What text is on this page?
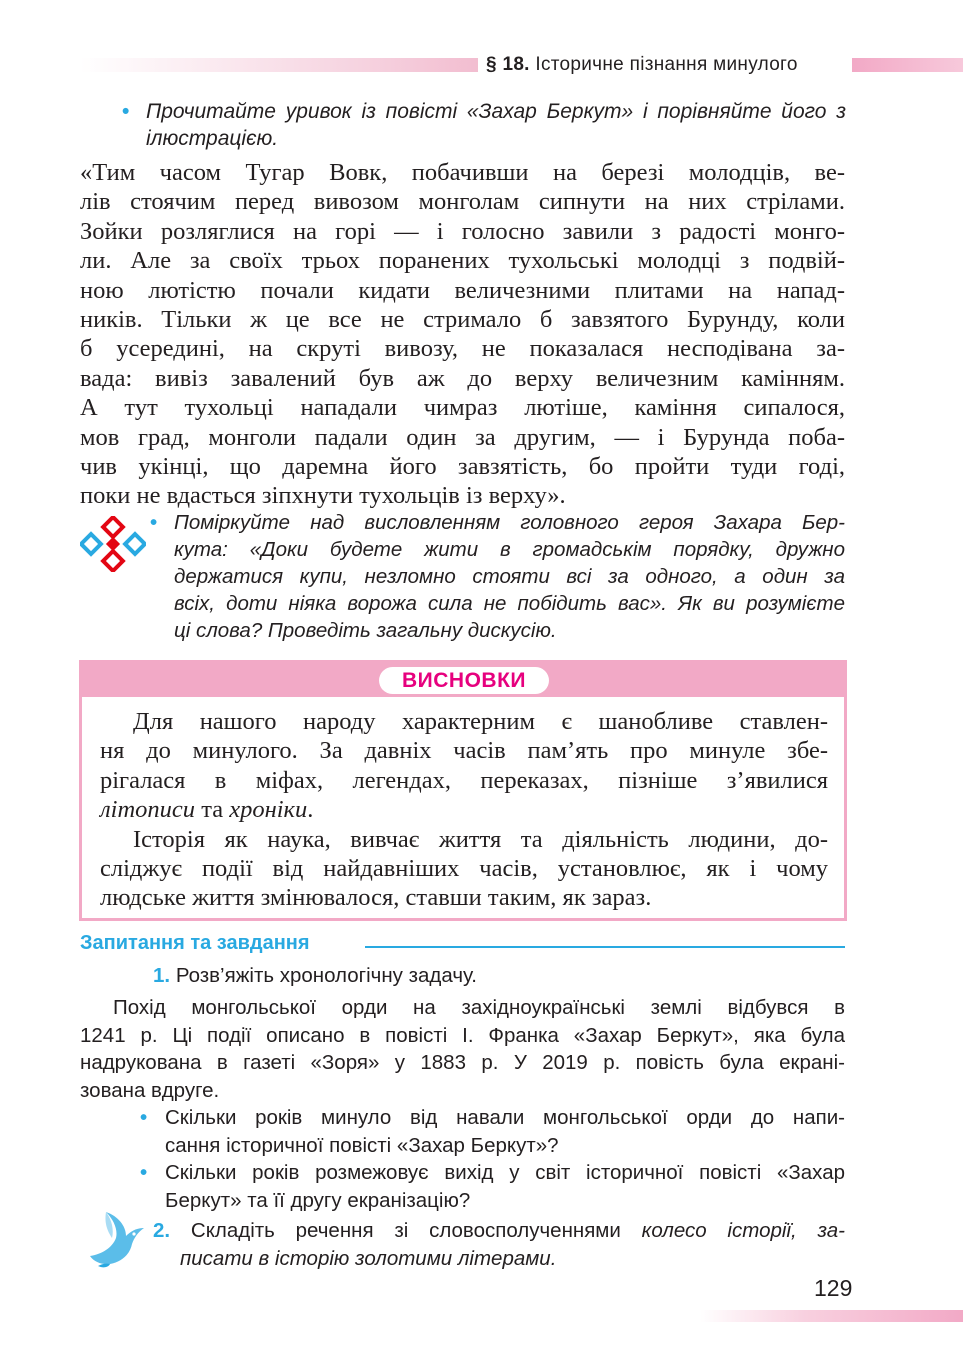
§ 18. Історичне пізнання минулого
• Прочитайте уривок із повісті «Захар Беркут» і порівняйте його з
ілюстрацією.
«Тим часом Тугар Вовк, побачивши на березі молодців, ве-
лів стоячим перед вивозом монголам сипнути на них стрілами.
Зойки розляглися на горі — і голосно завили з радості монго-
ли. Але за своїх трьох поранених тухольські молодці з подвій-
ною лютістю почали кидати величезними плитами на напад-
ників. Тільки ж це все не стримало б завзятого Бурунду, коли
б усередині, на скруті вивозу, не показалася несподівана за-
вада: вивіз завалений був аж до верху величезним камінням.
А тут тухольці нападали чимраз лютіше, каміння сипалося,
мов град, монголи падали один за другим, — і Бурунда поба-
чив укінці, що даремна його завзятість, бо пройти туди годі,
поки не вдасться зіпхнути тухольців із верху».
• Поміркуйте над висловленням головного героя Захара Бер-
кута: «Доки будете жити в громадськім порядку, дружно
держатися купи, незломно стояти всі за одного, а один за
всіх, доти ніяка ворожа сила не побідить вас». Як ви розумієте
ці слова? Проведіть загальну дискусію.
ВИСНОВКИ
Для нашого народу характерним є шанобливе ставлен-
ня до минулого. За давніх часів пам’ять про минуле збе-
рігалася в міфах, легендах, переказах, пізніше з’явилися
літописи та хроніки.
Історія як наука, вивчає життя та діяльність людини, до-
сліджує події від найдавніших часів, установлює, як і чому
людське життя змінювалося, ставши таким, як зараз.
Запитання та завдання
1. Розв’яжіть хронологічну задачу.
Похід монгольської орди на західноукраїнські землі відбувся в
1241 р. Ці події описано в повісті І. Франка «Захар Беркут», яка була
надрукована в газеті «Зоря» у 1883 р. У 2019 р. повість була екрані-
зована вдруге.
• Скільки років минуло від навали монгольської орди до напи-
сання історичної повісті «Захар Беркут»?
• Скільки років розмежовує вихід у світ історичної повісті «Захар
Беркут» та її другу екранізацію?
2. Складіть речення зі словосполученнями колесо історії, за-
писати в історію золотими літерами.
129
